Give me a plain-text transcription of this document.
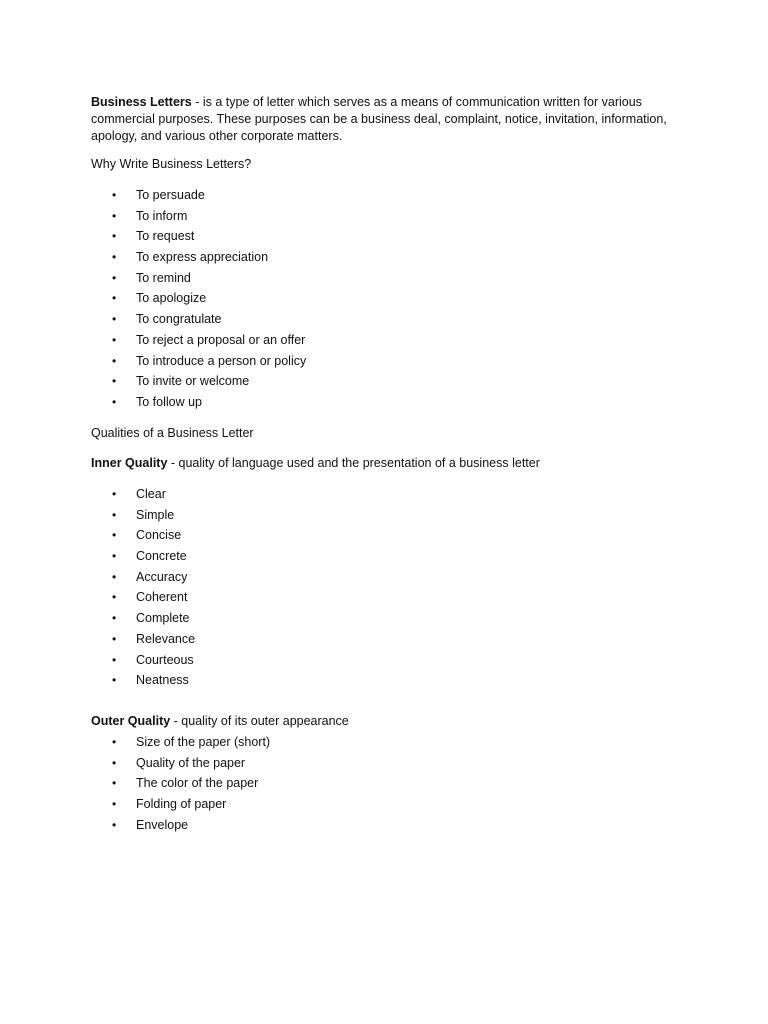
Business Letters - is a type of letter which serves as a means of communication written for various commercial purposes. These purposes can be a business deal, complaint, notice, invitation, information, apology, and various other corporate matters.

Why Write Business Letters?

• To persuade
• To inform
• To request
• To express appreciation
• To remind
• To apologize
• To congratulate
• To reject a proposal or an offer
• To introduce a person or policy
• To invite or welcome
• To follow up

Qualities of a Business Letter

Inner Quality - quality of language used and the presentation of a business letter

• Clear
• Simple
• Concise
• Concrete
• Accuracy
• Coherent
• Complete
• Relevance
• Courteous
• Neatness

Outer Quality - quality of its outer appearance

• Size of the paper (short)
• Quality of the paper
• The color of the paper
• Folding of paper
• Envelope
